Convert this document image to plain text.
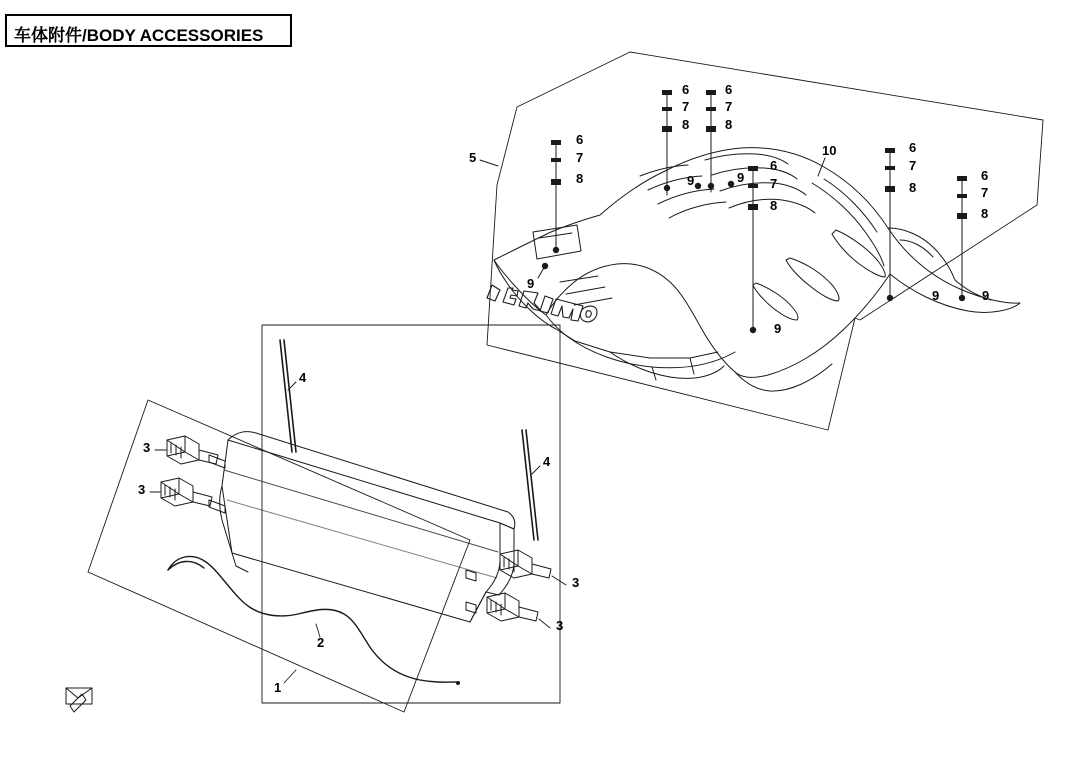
车体附件/BODY ACCESSORIES
1
2
3
3
3
3
4
4
5
6
7
8
6
7
8
6
7
8
6
7
8
6
7
8
6
7
8
9
9	9
9
9	9
10
